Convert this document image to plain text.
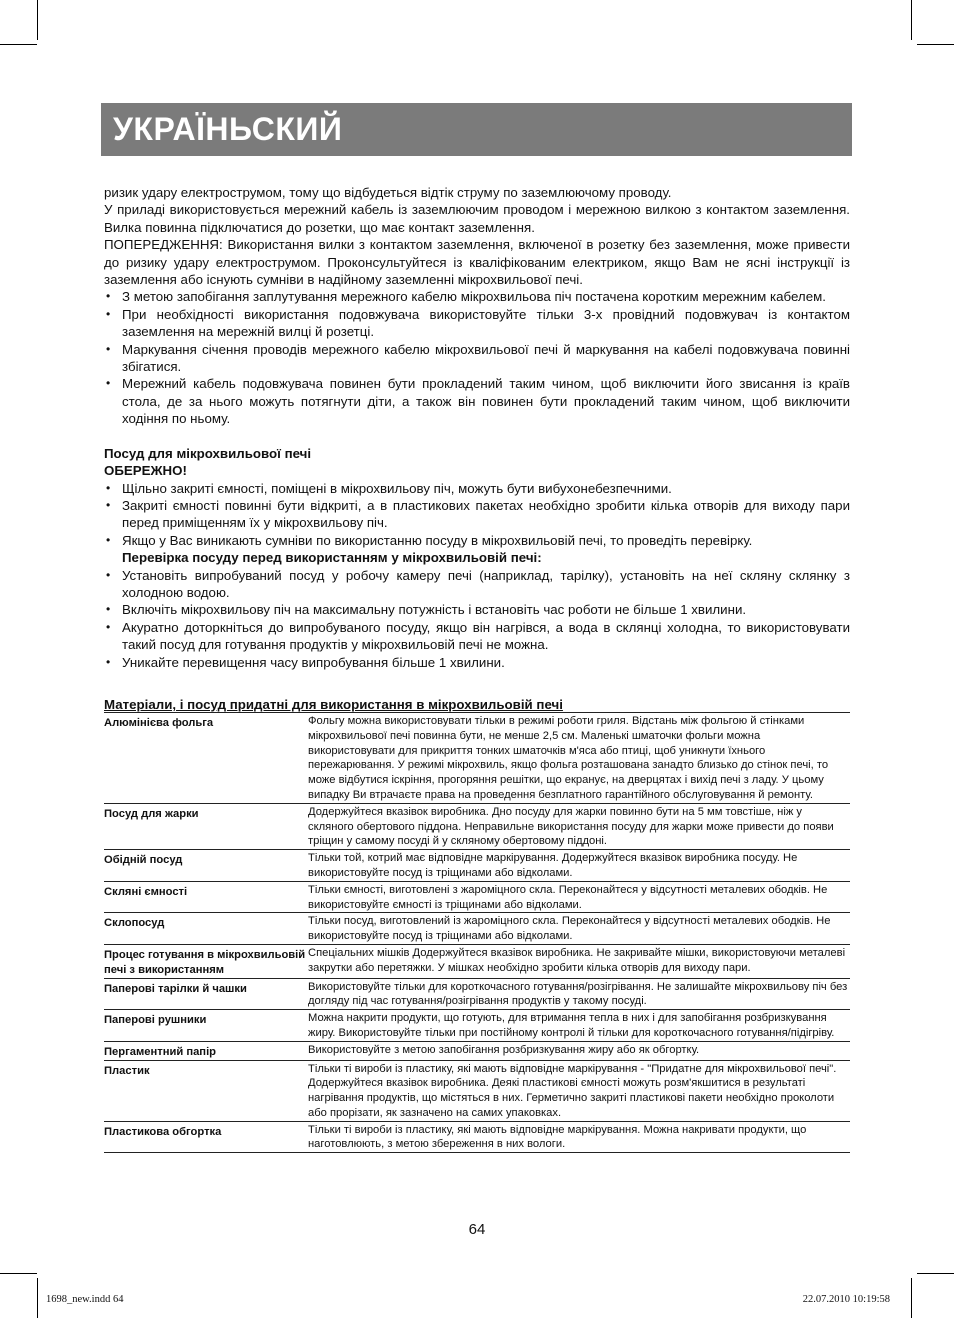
УКРАЇНЬСКИЙ

ризик удару електрострумом, тому що відбудеться відтік струму по заземлюючому проводу.

У приладі використовується мережний кабель із заземлюючим проводом і мережною вилкою з контактом заземлення. Вилка повинна підключатися до розетки, що має контакт заземлення.

ПОПЕРЕДЖЕННЯ: Використання вилки з контактом заземлення, включеної в розетку без заземлення, може привести до ризику удару електрострумом. Проконсультуйтеся із кваліфікованим електриком, якщо Вам не ясні інструкції із заземлення або існують сумніви в надійному заземленні мікрохвильової печі.

• З метою запобігання заплутування мережного кабелю мікрохвильова піч постачена коротким мережним кабелем.
• При необхідності використання подовжувача використовуйте тільки 3-х провідний подовжувач із контактом заземлення на мережній вилці й розетці.
• Маркування січення проводів мережного кабелю мікрохвильової печі й маркування на кабелі подовжувача повинні збігатися.
• Мережний кабель подовжувача повинен бути прокладений таким чином, щоб виключити його звисання із країв стола, де за нього можуть потягнути діти, а також він повинен бути прокладений таким чином, щоб виключити ходіння по ньому.

Посуд для мікрохвильової печі

ОБЕРЕЖНО!

• Щільно закриті ємності, поміщені в мікрохвильову піч, можуть бути вибухонебезпечними.
• Закриті ємності повинні бути відкриті, а в пластикових пакетах необхідно зробити кілька отворів для виходу пари перед приміщенням їх у мікрохвильову піч.
• Якщо у Вас виникають сумніви по використанню посуду в мікрохвильовій печі, то проведіть перевірку.
Перевірка посуду перед використанням у мікрохвильовій печі:
• Установіть випробуваний посуд у робочу камеру печі (наприклад, тарілку), установіть на неї скляну склянку з холодною водою.
• Включіть мікрохвильову піч на максимальну потужність і встановіть час роботи не більше 1 хвилини.
• Акуратно доторкніться до випробуваного посуду, якщо він нагрівся, а вода в склянці холодна, то використовувати такий посуд для готування продуктів у мікрохвильовій печі не можна.
• Уникайте перевищення часу випробування більше 1 хвилини.
Матеріали, і посуд придатні для використання в мікрохвильовій печі
Алюмінієва фольга	Фольгу можна використовувати тільки в режимі роботи гриля. Відстань між фольгою й стінками мікрохвильової печі повинна бути, не менше 2,5 см. Маленькі шматочки фольги можна використовувати для прикриття тонких шматочків м'яса або птиці, щоб уникнути їхнього пережарювання. У режимі мікрохвиль, якщо фольга розташована занадто близько до стінок печі, то може відбутися іскріння, прогоряння решітки, що екранує, на дверцятах і вихід печі з ладу. У цьому випадку Ви втрачаєте права на проведення безплатного гарантійного обслуговування й ремонту.
Посуд для жарки	Додержуйтеся вказівок виробника. Дно посуду для жарки повинно бути на 5 мм товстіше, ніж у скляного обертового піддона. Неправильне використання посуду для жарки може привести до появи тріщин у самому посуді й у скляному обертовому піддоні.
Обідній посуд	Тільки той, котрий має відповідне маркірування. Додержуйтеся вказівок виробника посуду. Не використовуйте посуд із тріщинами або відколами.
Скляні ємності	Тільки ємності, виготовлені з жароміцного скла. Переконайтеся у відсутності металевих ободків. Не використовуйте ємності із тріщинами або відколами.
Склопосуд	Тільки посуд, виготовлений із жароміцного скла. Переконайтеся у відсутності металевих ободків. Не використовуйте посуд із тріщинами або відколами.
Процес готування в мікрохвильовій печі з використанням	Спеціальних мішків Додержуйтеся вказівок виробника. Не закривайте мішки, використовуючи металеві закрутки або перетяжки. У мішках необхідно зробити кілька отворів для виходу пари.
Паперові тарілки й чашки	Використовуйте тільки для короткочасного готування/розігрівання. Не залишайте мікрохвильову піч без догляду під час готування/розігрівання продуктів у такому посуді.
Паперові рушники	Можна накрити продукти, що готують, для втримання тепла в них і для запобігання розбризкування жиру. Використовуйте тільки при постійному контролі й тільки для короткочасного готування/підігріву.
Пергаментний папір	Використовуйте з метою запобігання розбризкування жиру або як обгортку.
Пластик	Тільки ті вироби із пластику, які мають відповідне маркірування - "Придатне для мікрохвильової печі". Додержуйтеся вказівок виробника. Деякі пластикові ємності можуть розм'якшитися в результаті нагрівання продуктів, що містяться в них. Герметично закриті пластикові пакети необхідно проколоти або прорізати, як зазначено на самих упаковках.
Пластикова обгортка	Тільки ті вироби із пластику, які мають відповідне маркірування. Можна накривати продукти, що наготовлюють, з метою збереження в них вологи.
64
1698_new.indd 64	22.07.2010 10:19:58
